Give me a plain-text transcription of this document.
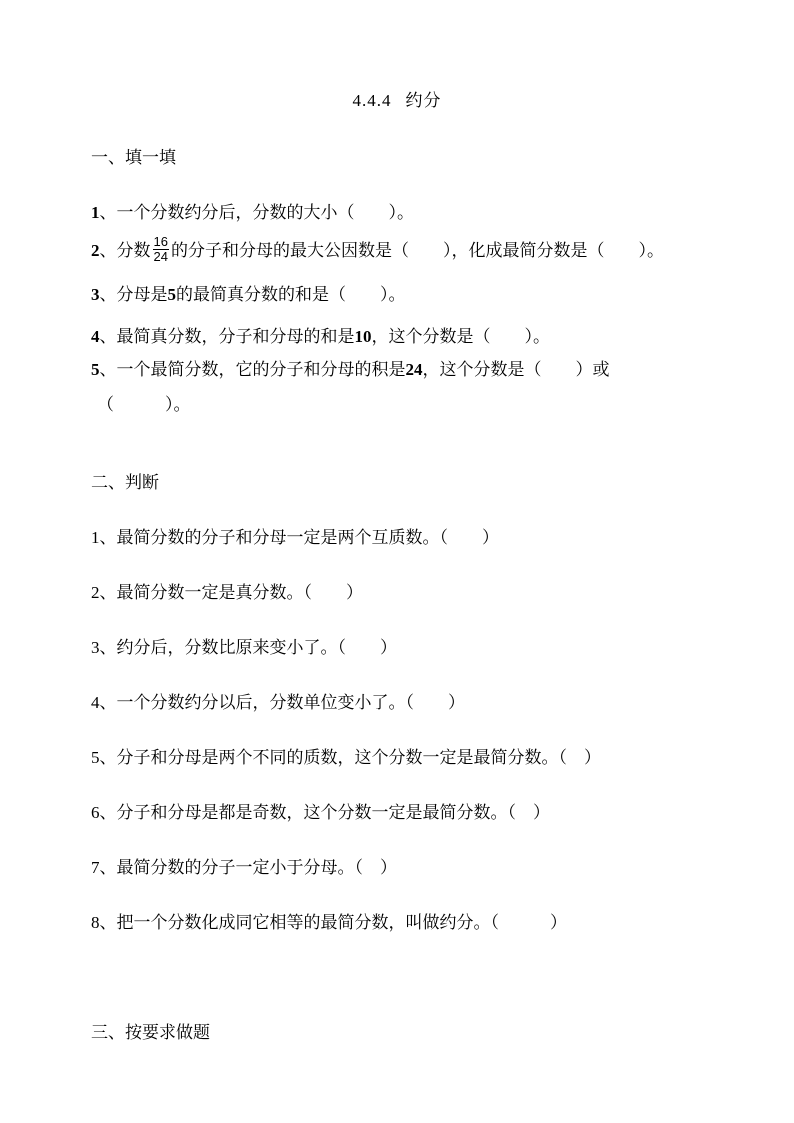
4.4.4 约分
一、填一填
1、一个分数约分后，分数的大小（　　）。
2、分数 $\frac{16}{24}$ 的分子和分母的最大公因数是（　　），化成最简分数是（　　）。
3、分母是5的最简真分数的和是（　　）。
4、最简真分数，分子和分母的和是10，这个分数是（　　）。
5、一个最简分数，它的分子和分母的积是24，这个分数是（　　）或
（　　　）。
二、判断
1、最简分数的分子和分母一定是两个互质数。（　　）
2、最简分数一定是真分数。（　　）
3、约分后，分数比原来变小了。（　　）
4、一个分数约分以后，分数单位变小了。（　　）
5、分子和分母是两个不同的质数，这个分数一定是最简分数。（　）
6、分子和分母是都是奇数，这个分数一定是最简分数。（　）
7、最简分数的分子一定小于分母。（　）
8、把一个分数化成同它相等的最简分数，叫做约分。（　　　）
三、按要求做题
